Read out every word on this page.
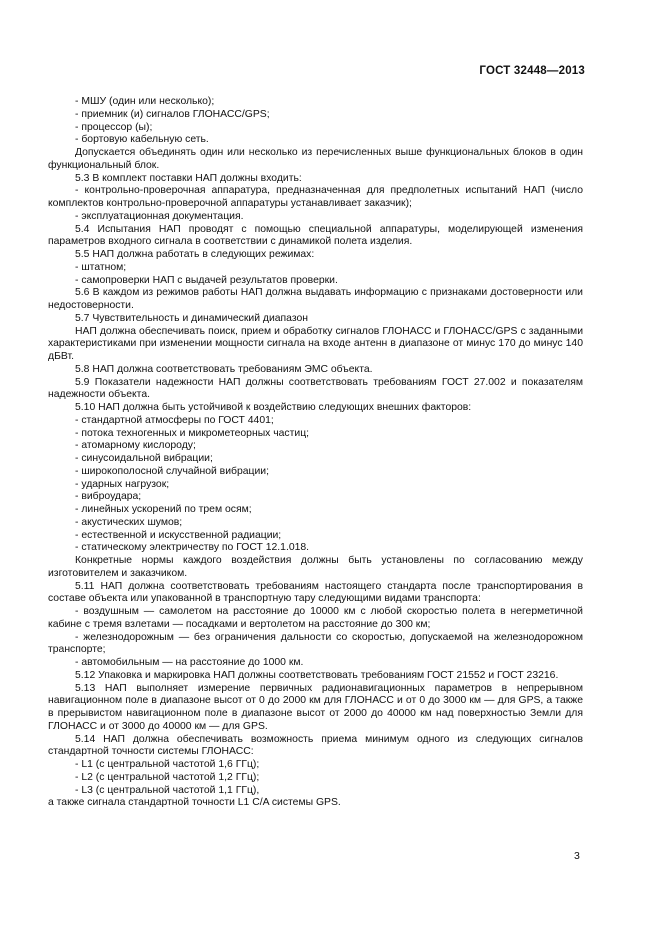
ГОСТ 32448—2013

- МШУ (один или несколько);

- приемник (и) сигналов ГЛОНАСС/GPS;

- процессор (ы);

- бортовую кабельную сеть.

Допускается объединять один или несколько из перечисленных выше функциональных блоков в один функциональный блок.

5.3 В комплект поставки НАП должны входить:

- контрольно-проверочная аппаратура, предназначенная для предполетных испытаний НАП (число комплектов контрольно-проверочной аппаратуры устанавливает заказчик);

- эксплуатационная документация.

5.4 Испытания НАП проводят с помощью специальной аппаратуры, моделирующей изменения параметров входного сигнала в соответствии с динамикой полета изделия.

5.5 НАП должна работать в следующих режимах:

- штатном;

- самопроверки НАП с выдачей результатов проверки.

5.6 В каждом из режимов работы НАП должна выдавать информацию с признаками достоверности или недостоверности.

5.7 Чувствительность и динамический диапазон

НАП должна обеспечивать поиск, прием и обработку сигналов ГЛОНАСС и ГЛОНАСС/GPS с заданными характеристиками при изменении мощности сигнала на входе антенн в диапазоне от минус 170 до минус 140 дБВт.

5.8 НАП должна соответствовать требованиям ЭМС объекта.

5.9 Показатели надежности НАП должны соответствовать требованиям ГОСТ 27.002 и показателям надежности объекта.

5.10 НАП должна быть устойчивой к воздействию следующих внешних факторов:

- стандартной атмосферы по ГОСТ 4401;

- потока техногенных и микрометеорных частиц;

- атомарному кислороду;

- синусоидальной вибрации;

- широкополосной случайной вибрации;

- ударных нагрузок;

- виброудара;

- линейных ускорений по трем осям;

- акустических шумов;

- естественной и искусственной радиации;

- статическому электричеству по ГОСТ 12.1.018.

Конкретные нормы каждого воздействия должны быть установлены по согласованию между изготовителем и заказчиком.

5.11 НАП должна соответствовать требованиям настоящего стандарта после транспортирования в составе объекта или упакованной в транспортную тару следующими видами транспорта:

- воздушным — самолетом на расстояние до 10000 км с любой скоростью полета в негерметичной кабине с тремя взлетами — посадками и вертолетом на расстояние до 300 км;

- железнодорожным — без ограничения дальности со скоростью, допускаемой на железнодорожном транспорте;

- автомобильным — на расстояние до 1000 км.

5.12 Упаковка и маркировка НАП должны соответствовать требованиям ГОСТ 21552 и ГОСТ 23216.

5.13 НАП выполняет измерение первичных радионавигационных параметров в непрерывном навигационном поле в диапазоне высот от 0 до 2000 км для ГЛОНАСС и от 0 до 3000 км — для GPS, а также в прерывистом навигационном поле в диапазоне высот от 2000 до 40000 км над поверхностью Земли для ГЛОНАСС и от 3000 до 40000 км — для GPS.

5.14 НАП должна обеспечивать возможность приема минимум одного из следующих сигналов стандартной точности системы ГЛОНАСС:

- L1 (с центральной частотой 1,6 ГГц);

- L2 (с центральной частотой 1,2 ГГц);

- L3 (с центральной частотой 1,1 ГГц),

а также сигнала стандартной точности L1 C/A системы GPS.

3
